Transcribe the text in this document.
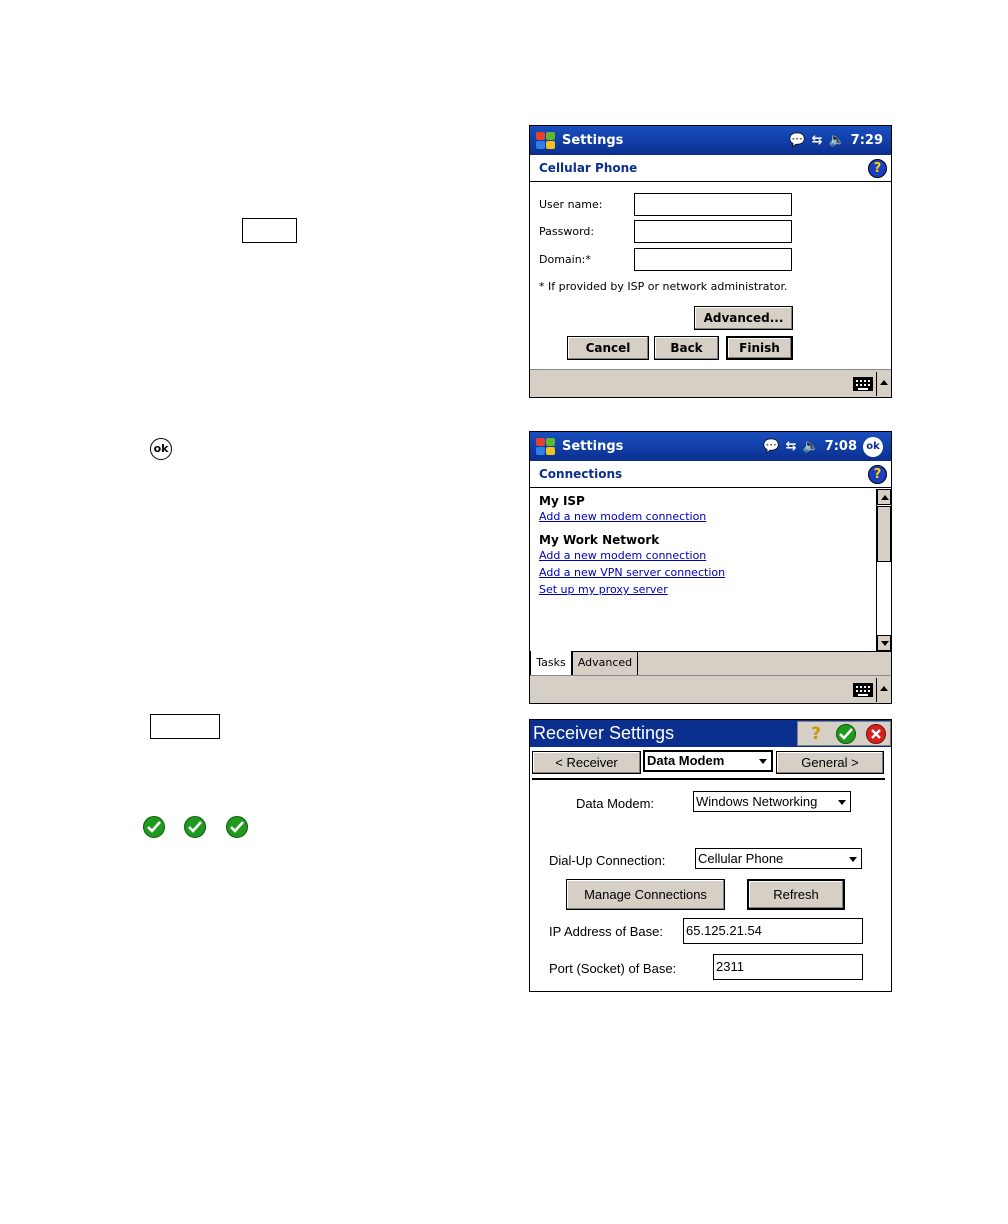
ok
Settings	💬 ⇆ 🔈 7:29
Cellular Phone	?
User name:
Password:
Domain:*
* If provided by ISP or network administrator.
Advanced...
Cancel	Back	Finish
Settings	💬 ⇆ 🔈 7:08 ok
Connections	?
My ISP
Add a new modem connection
My Work Network
Add a new modem connection
Add a new VPN server connection
Set up my proxy server
Tasks	Advanced
Receiver Settings	?
< Receiver	Data Modem	General >
Data Modem:	Windows Networking
Dial-Up Connection:	Cellular Phone
Manage Connections	Refresh
IP Address of Base: 65.125.21.54
Port (Socket) of Base:	2311
